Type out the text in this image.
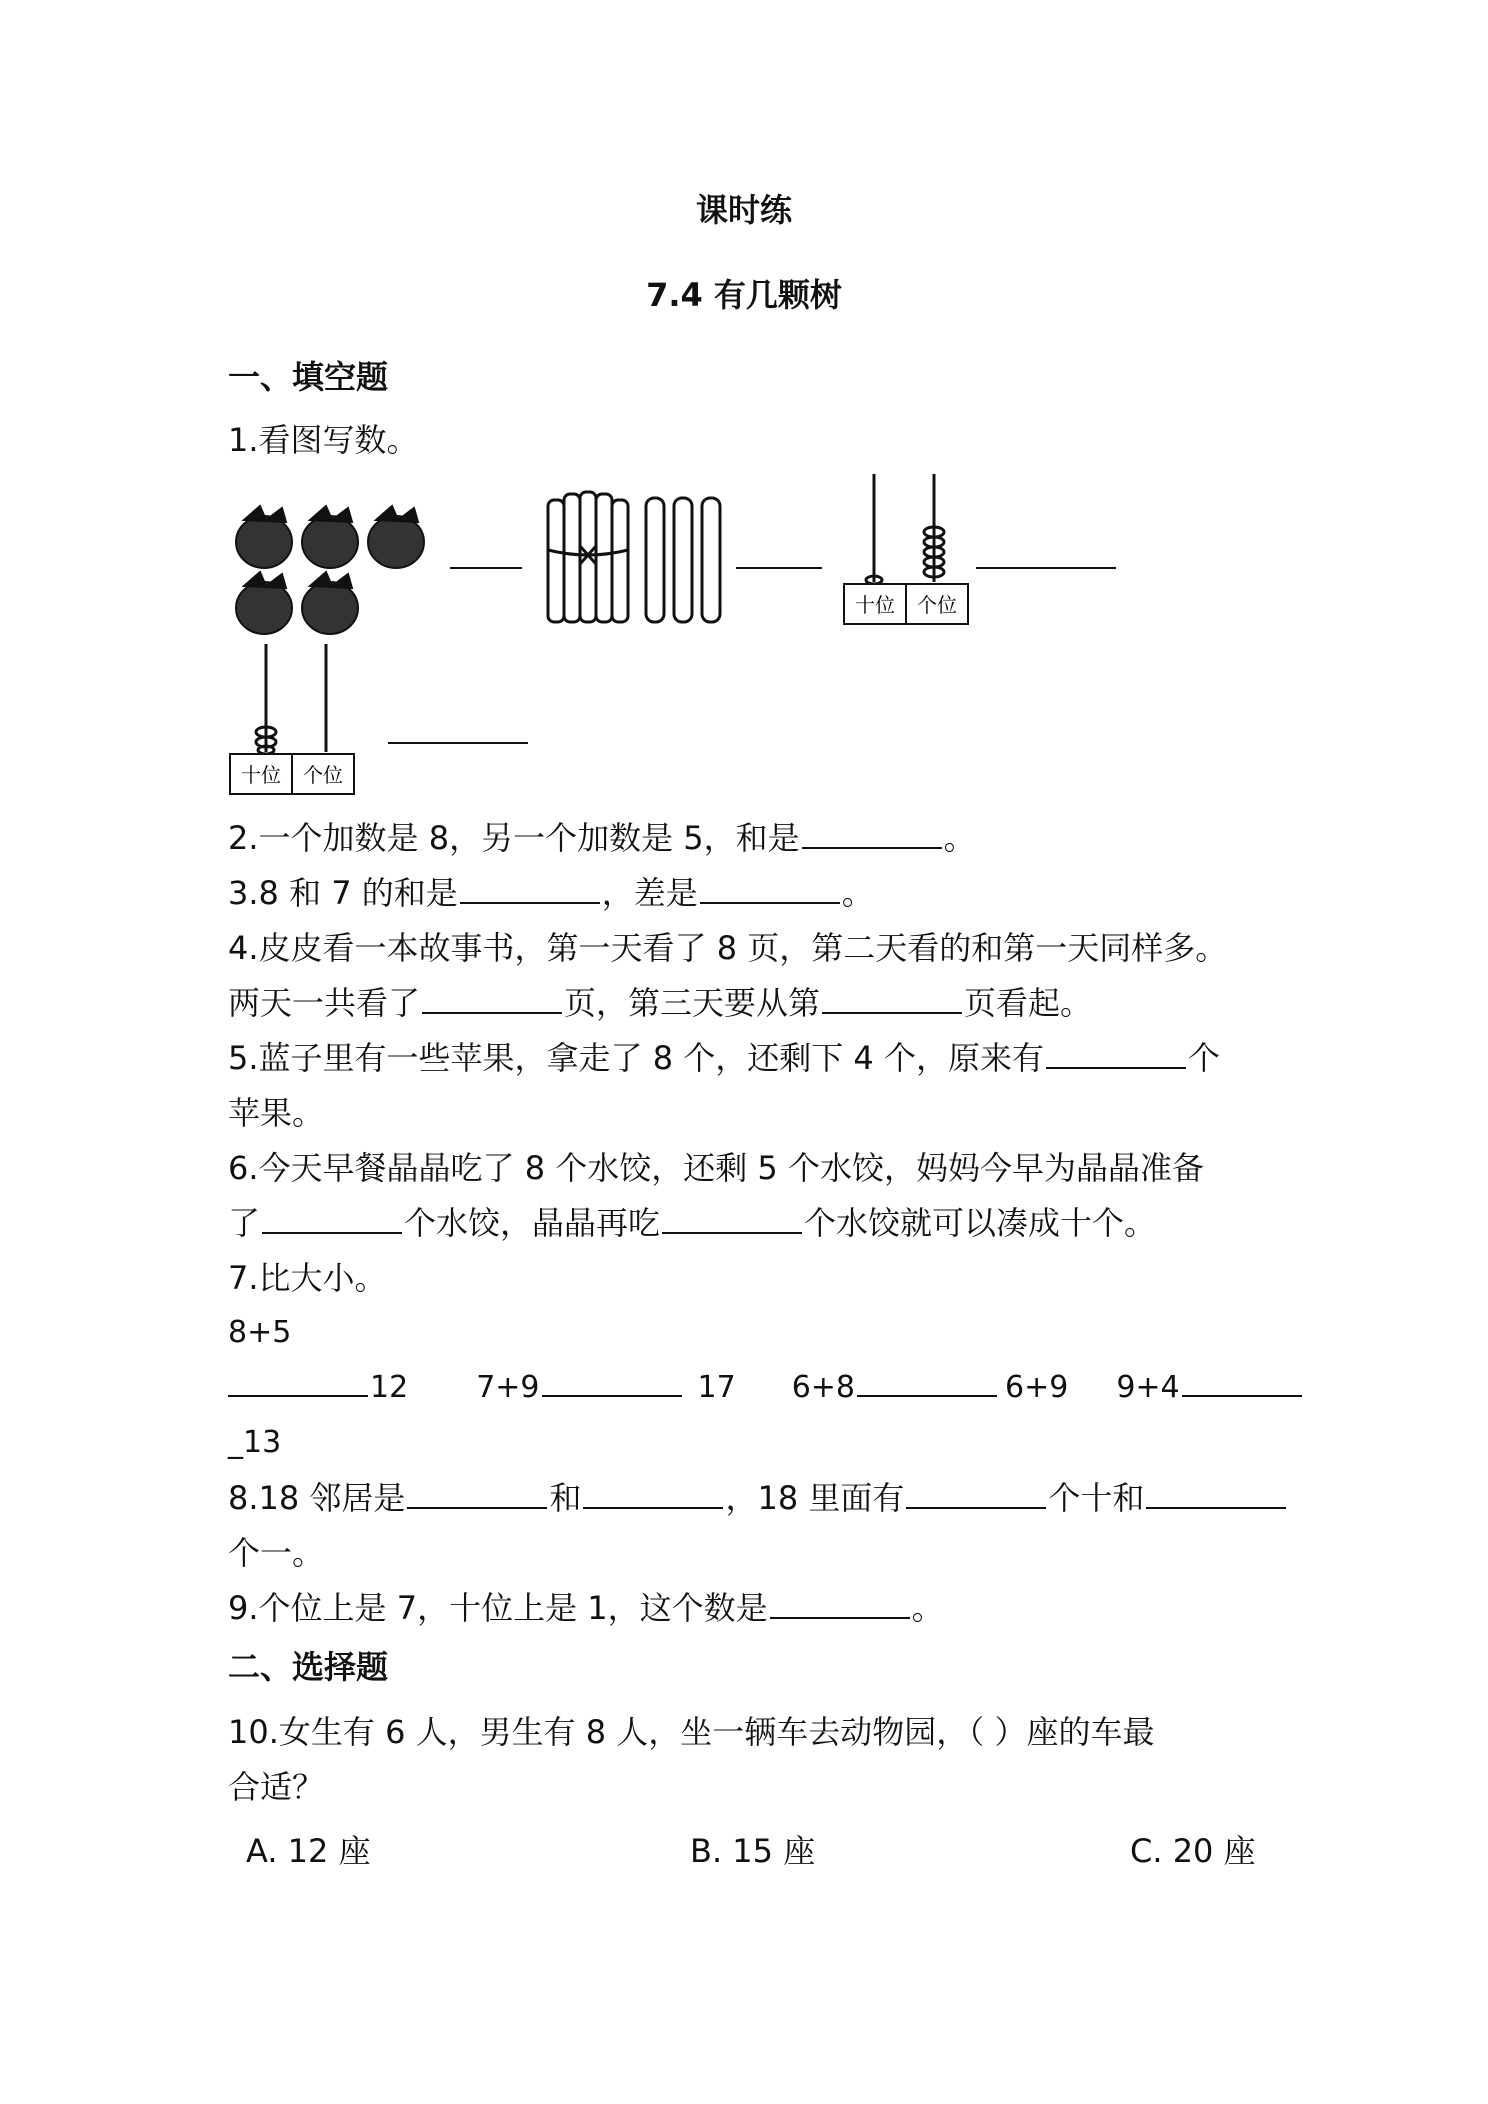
课时练
7.4 有几颗树
一、填空题
1.看图写数。
十位 个位
十位 个位
2.一个加数是 8，另一个加数是 5，和是	。
3.8 和 7 的和是	，差是	。
4.皮皮看一本故事书，第一天看了 8 页，第二天看的和第一天同样多。
两天一共看了	页，第三天要从第	页看起。
5.蓝子里有一些苹果，拿走了 8 个，还剩下 4 个，原来有	个
苹果。
6.今天早餐晶晶吃了 8 个水饺，还剩 5 个水饺，妈妈今早为晶晶准备
了	个水饺，晶晶再吃	个水饺就可以凑成十个。
7.比大小。
8+5
12 7+9	17 6+8	6+9 9+4
_13
8.18 邻居是	和	，18 里面有	个十和
个一。
9.个位上是 7，十位上是 1，这个数是	。
二、选择题
10.女生有 6 人，男生有 8 人，坐一辆车去动物园，（ ）座的车最
合适？
A. 12 座	B. 15 座	C. 20 座
